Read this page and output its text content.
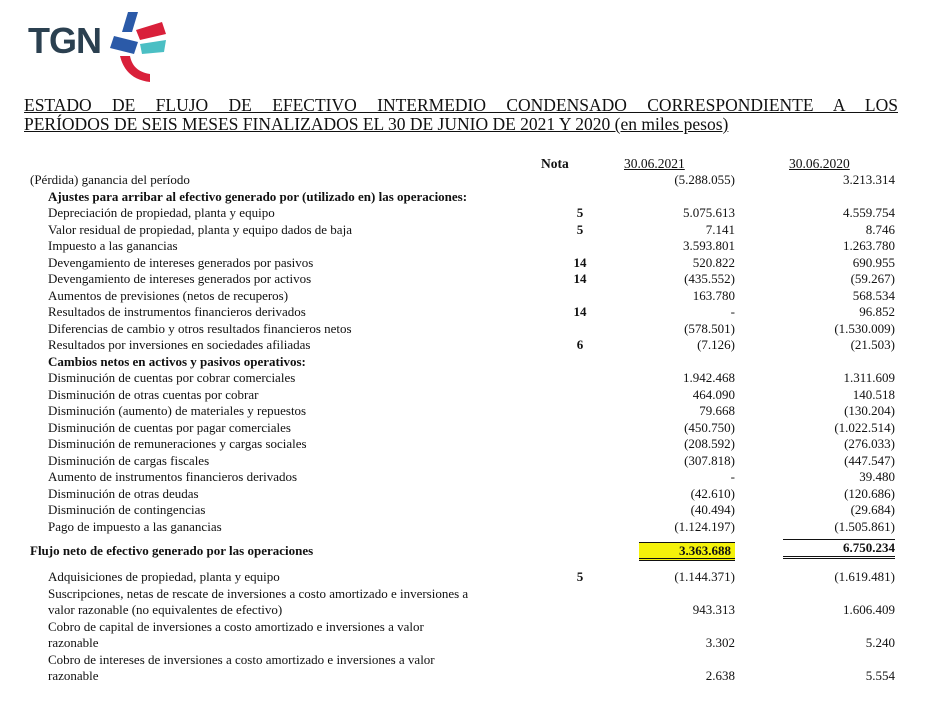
TGN
ESTADO DE FLUJO DE EFECTIVO INTERMEDIO CONDENSADO CORRESPONDIENTE A LOS
PERÍODOS DE SEIS MESES FINALIZADOS EL 30 DE JUNIO DE 2021 Y 2020 (en miles pesos)
Nota	30.06.2021	30.06.2020
(Pérdida) ganancia del período		(5.288.055)		3.213.314
Ajustes para arribar al efectivo generado por (utilizado en) las operaciones:				
Depreciación de propiedad, planta y equipo	5	5.075.613		4.559.754
Valor residual de propiedad, planta y equipo dados de baja	5	7.141		8.746
Impuesto a las ganancias		3.593.801		1.263.780
Devengamiento de intereses generados por pasivos	14	520.822		690.955
Devengamiento de intereses generados por activos	14	(435.552)		(59.267)
Aumentos de previsiones (netos de recuperos)		163.780		568.534
Resultados de instrumentos financieros derivados	14	-		96.852
Diferencias de cambio y otros resultados financieros netos		(578.501)		(1.530.009)
Resultados por inversiones en sociedades afiliadas	6	(7.126)		(21.503)
Cambios netos en activos y pasivos operativos:				
Disminución de cuentas por cobrar comerciales		1.942.468		1.311.609
Disminución de otras cuentas por cobrar		464.090		140.518
Disminución (aumento) de materiales y repuestos		79.668		(130.204)
Disminución de cuentas por pagar comerciales		(450.750)		(1.022.514)
Disminución de remuneraciones y cargas sociales		(208.592)		(276.033)
Disminución de cargas fiscales		(307.818)		(447.547)
Aumento de instrumentos financieros derivados		-		39.480
Disminución de otras deudas		(42.610)		(120.686)
Disminución de contingencias		(40.494)		(29.684)
Pago de impuesto a las ganancias		(1.124.197)		(1.505.861)
Flujo neto de efectivo generado por las operaciones		3.363.688		6.750.234

Adquisiciones de propiedad, planta y equipo	5	(1.144.371)		(1.619.481)

Suscripciones, netas de rescate de inversiones a costo amortizado e inversiones a
valor razonable (no equivalentes de efectivo)		943.313		1.606.409

Cobro de capital de inversiones a costo amortizado e inversiones a valor
razonable		3.302		5.240

Cobro de intereses de inversiones a costo amortizado e inversiones a valor
razonable		2.638		5.554
